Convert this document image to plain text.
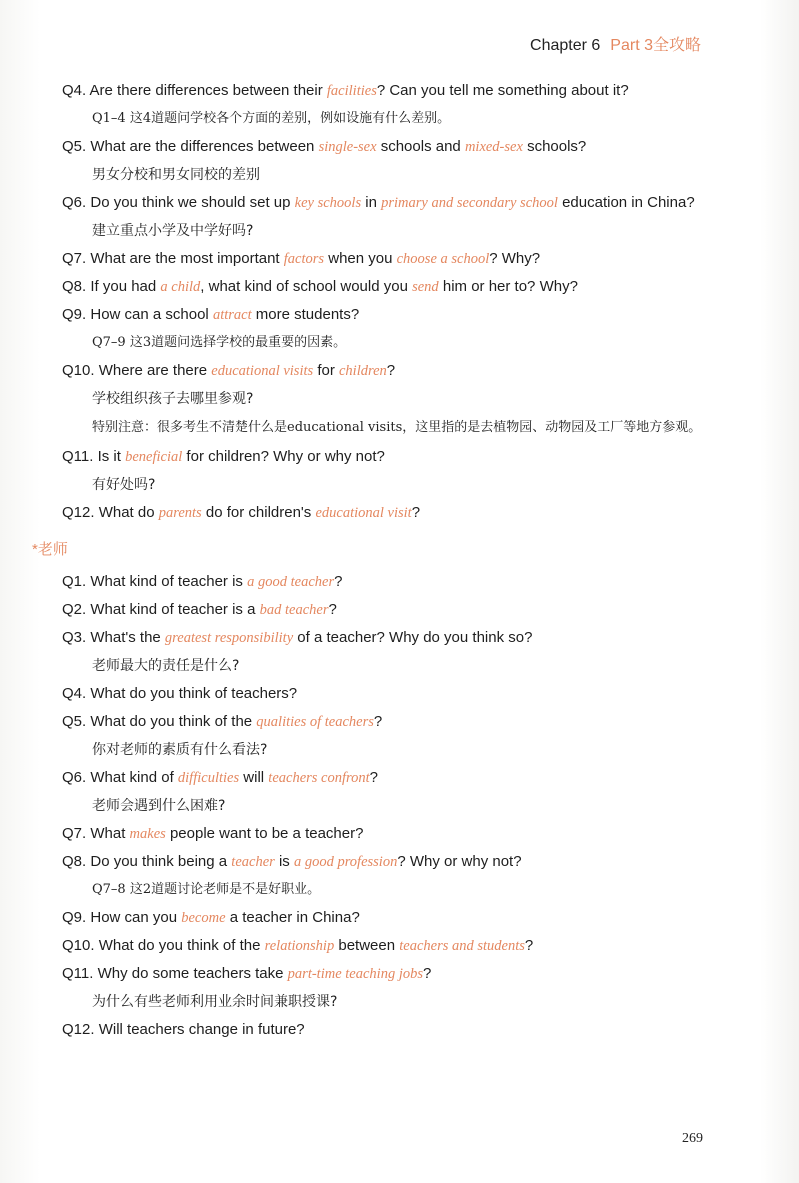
Chapter 6 Part 3全攻略
Q4. Are there differences between their facilities? Can you tell me something about it?
Q1–4 这4道题问学校各个方面的差别，例如设施有什么差别。
Q5. What are the differences between single-sex schools and mixed-sex schools?
男女分校和男女同校的差别
Q6. Do you think we should set up key schools in primary and secondary school education in China?
建立重点小学及中学好吗?
Q7. What are the most important factors when you choose a school? Why?
Q8. If you had a child, what kind of school would you send him or her to? Why?
Q9. How can a school attract more students?
Q7–9 这3道题问选择学校的最重要的因素。
Q10. Where are there educational visits for children?
学校组织孩子去哪里参观?
特别注意：很多考生不清楚什么是educational visits，这里指的是去植物园、动物园及工厂等地方参观。
Q11. Is it beneficial for children? Why or why not?
有好处吗?
Q12. What do parents do for children's educational visit?
*老师
Q1. What kind of teacher is a good teacher?
Q2. What kind of teacher is a bad teacher?
Q3. What's the greatest responsibility of a teacher? Why do you think so?
老师最大的责任是什么?
Q4. What do you think of teachers?
Q5. What do you think of the qualities of teachers?
你对老师的素质有什么看法?
Q6. What kind of difficulties will teachers confront?
老师会遇到什么困难?
Q7. What makes people want to be a teacher?
Q8. Do you think being a teacher is a good profession? Why or why not?
Q7–8 这2道题讨论老师是不是好职业。
Q9. How can you become a teacher in China?
Q10. What do you think of the relationship between teachers and students?
Q11. Why do some teachers take part-time teaching jobs?
为什么有些老师利用业余时间兼职授课?
Q12. Will teachers change in future?
269
